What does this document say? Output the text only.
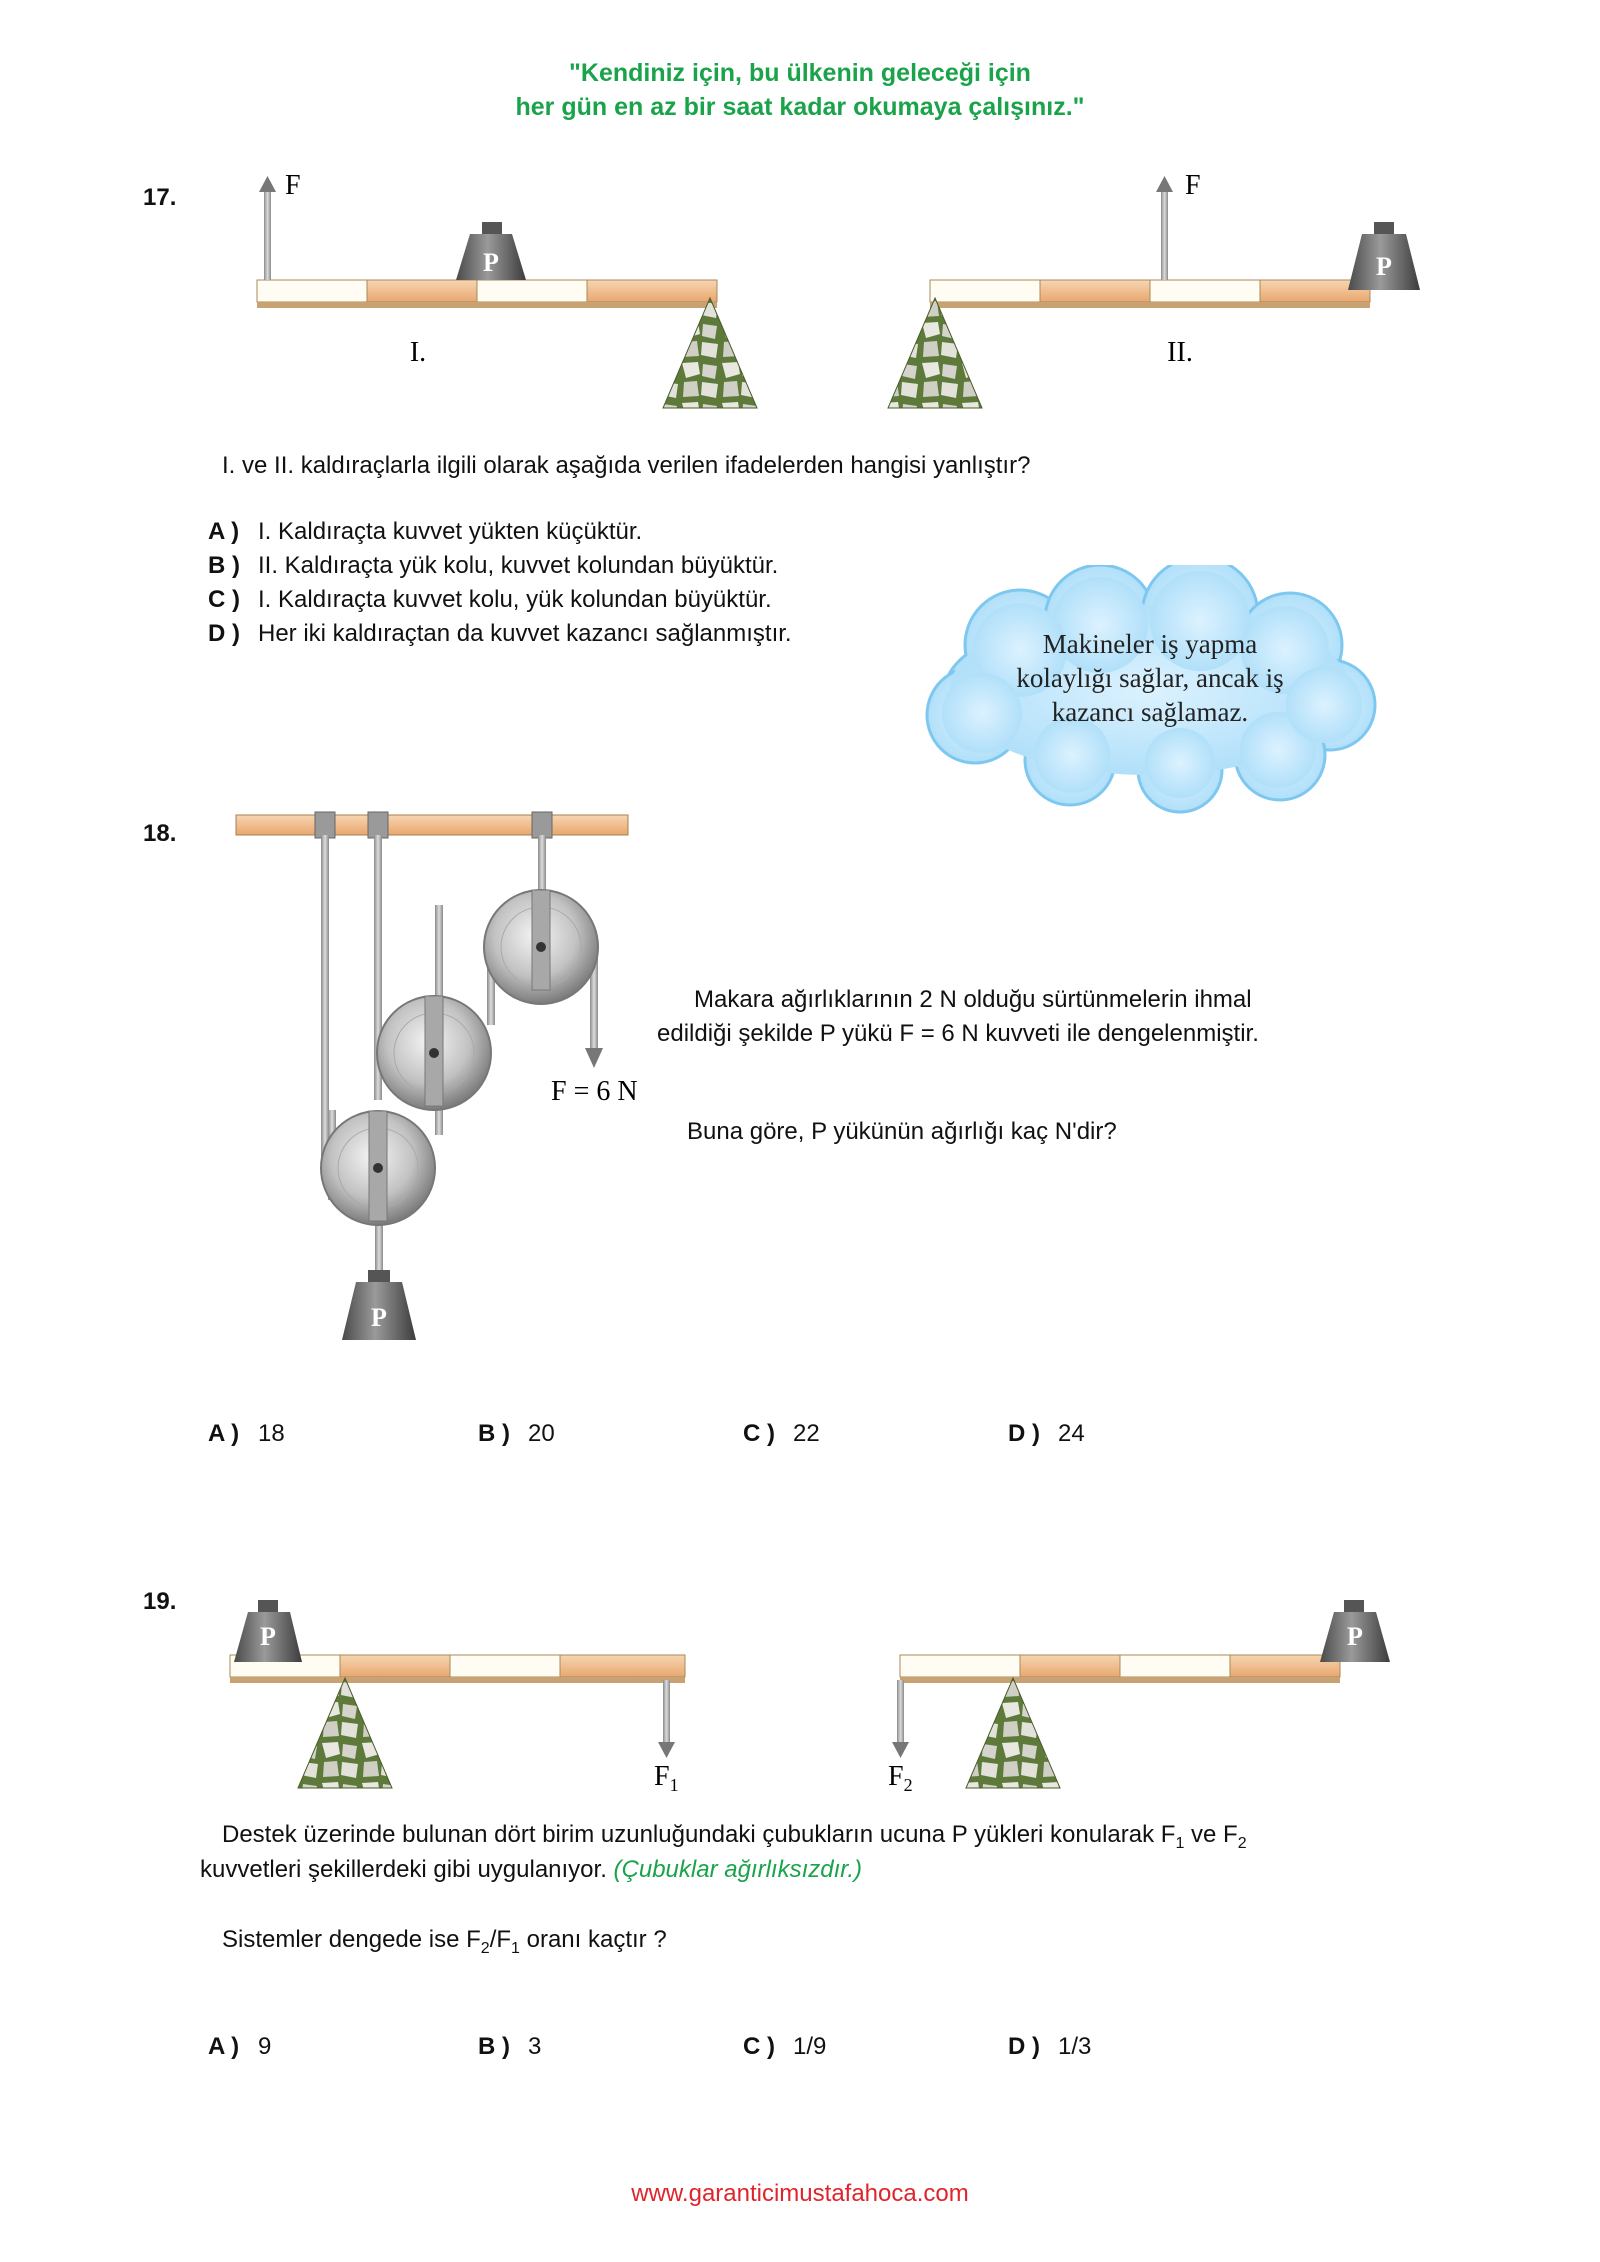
"Kendiniz için, bu ülkenin geleceği için
her gün en az bir saat kadar okumaya çalışınız."
17.	F
P
I.
F
P
II.
I. ve II. kaldıraçlarla ilgili olarak aşağıda verilen ifadelerden hangisi yanlıştır?
A ) I. Kaldıraçta kuvvet yükten küçüktür.
B ) II. Kaldıraçta yük kolu, kuvvet kolundan büyüktür.
C ) I. Kaldıraçta kuvvet kolu, yük kolundan büyüktür.
D ) Her iki kaldıraçtan da kuvvet kazancı sağlanmıştır.	Makineler iş yapma
kolaylığı sağlar, ancak iş
kazancı sağlamaz.
18.
F = 6 N
P
Makara ağırlıklarının 2 N olduğu sürtünmelerin ihmal
edildiği şekilde P yükü F = 6 N kuvveti ile dengelenmiştir.
Buna göre, P yükünün ağırlığı kaç N'dir?
A ) 18	B ) 20	C ) 22	D ) 24
19.
P
$F_1$
P
$F_2$
Destek üzerinde bulunan dört birim uzunluğundaki çubukların ucuna P yükleri konularak $F_1$ ve $F_2$
kuvvetleri şekillerdeki gibi uygulanıyor. (Çubuklar ağırlıksızdır.)
Sistemler dengede ise $F_2/F_1$ oranı kaçtır ?
A ) 9	B ) 3	C ) 1/9	D ) 1/3
www.garanticimustafahoca.com
